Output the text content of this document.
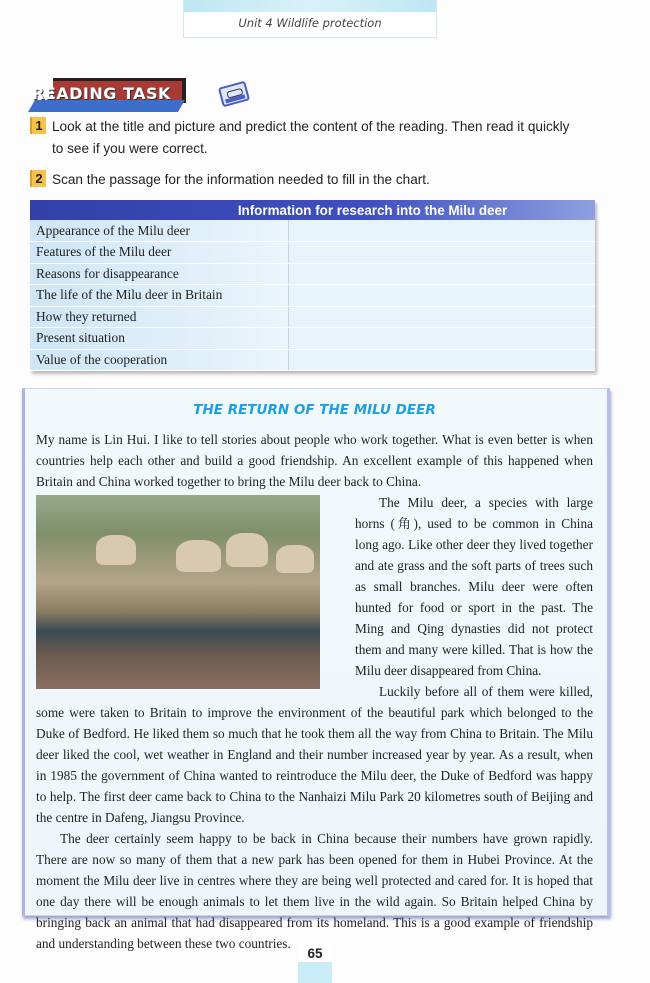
Unit 4 Wildlife protection
READING TASK
1 Look at the title and picture and predict the content of the reading. Then read it quickly
to see if you were correct.
2 Scan the passage for the information needed to fill in the chart.
Information for research into the Milu deer	
Appearance of the Milu deer	
Features of the Milu deer	
Reasons for disappearance	
The life of the Milu deer in Britain	
How they returned	
Present situation	
Value of the cooperation	
THE RETURN OF THE MILU DEER

My name is Lin Hui. I like to tell stories about people who work together. What is even better is when countries help each other and build a good friendship. An excellent example of this happened when Britain and China worked together to bring the Milu deer back to China.

The Milu deer, a species with large horns (角), used to be common in China long ago. Like other deer they lived together and ate grass and the soft parts of trees such as small branches. Milu deer were often hunted for food or sport in the past. The Ming and Qing dynasties did not protect them and many were killed. That is how the Milu deer disappeared from China.

Luckily before all of them were killed, some were taken to Britain to improve the environment of the beautiful park which belonged to the Duke of Bedford. He liked them so much that he took them all the way from China to Britain. The Milu deer liked the cool, wet weather in England and their number increased year by year. As a result, when in 1985 the government of China wanted to reintroduce the Milu deer, the Duke of Bedford was happy to help. The first deer came back to China to the Nanhaizi Milu Park 20 kilometres south of Beijing and the centre in Dafeng, Jiangsu Province.

The deer certainly seem happy to be back in China because their numbers have grown rapidly. There are now so many of them that a new park has been opened for them in Hubei Province. At the moment the Milu deer live in centres where they are being well protected and cared for. It is hoped that one day there will be enough animals to let them live in the wild again. So Britain helped China by bringing back an animal that had disappeared from its homeland. This is a good example of friendship and understanding between these two countries.

65
